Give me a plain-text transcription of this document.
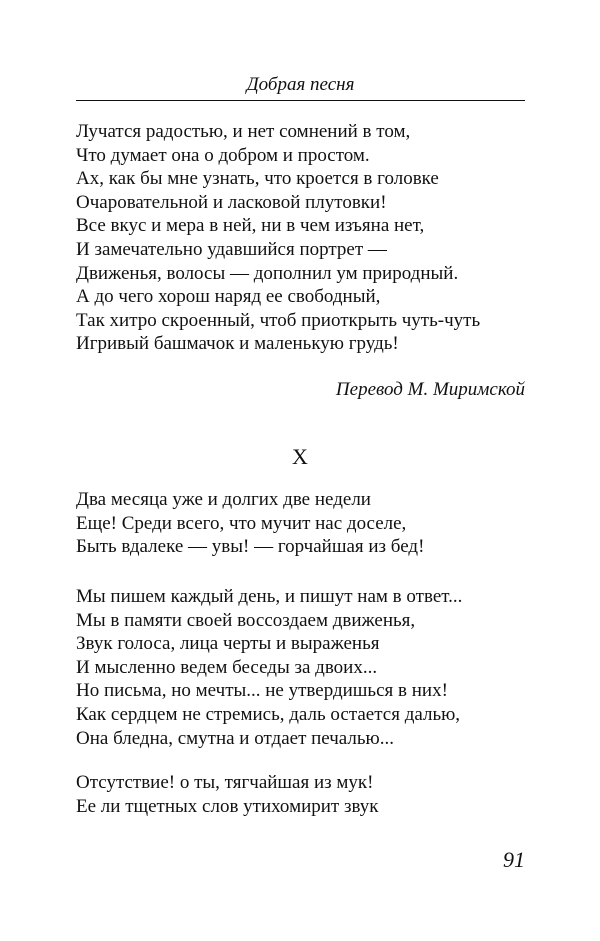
Добрая песня
Лучатся радостью, и нет сомнений в том,
Что думает она о добром и простом.
Ах, как бы мне узнать, что кроется в головке
Очаровательной и ласковой плутовки!
Все вкус и мера в ней, ни в чем изъяна нет,
И замечательно удавшийся портрет —
Движенья, волосы — дополнил ум природный.
А до чего хорош наряд ее свободный,
Так хитро скроенный, чтоб приоткрыть чуть-чуть
Игривый башмачок и маленькую грудь!
Перевод М. Миримской
X
Два месяца уже и долгих две недели
Еще! Среди всего, что мучит нас доселе,
Быть вдалеке — увы! — горчайшая из бед!
Мы пишем каждый день, и пишут нам в ответ...
Мы в памяти своей воссоздаем движенья,
Звук голоса, лица черты и выраженья
И мысленно ведем беседы за двоих...
Но письма, но мечты... не утвердишься в них!
Как сердцем не стремись, даль остается далью,
Она бледна, смутна и отдает печалью...
Отсутствие! о ты, тягчайшая из мук!
Ее ли тщетных слов утихомирит звук
91
